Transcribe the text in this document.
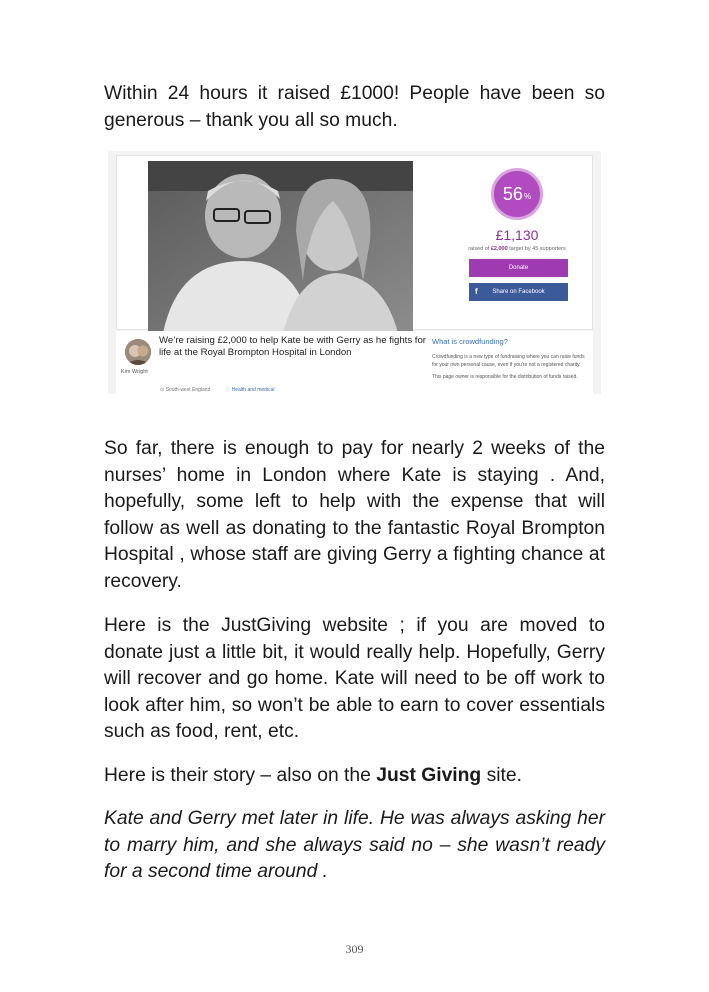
Within 24 hours it raised £1000! People have been so generous – thank you all so much.
56 %
£1,130
raised of £2,000 target by 45 supporters
Donate
f Share on Facebook
Kim Wright
We’re raising £2,000 to help Kate be with Gerry as he fights for life at the Royal Brompton Hospital in London
⊙ South-west England	♡ Health and medical
What is crowdfunding?
Crowdfunding is a new type of fundraising where you can raise funds for your own personal cause, even if you’re not a registered charity.
This page owner is responsible for the distribution of funds raised.
So far, there is enough to pay for nearly 2 weeks of the nurses’ home in London where Kate is staying . And, hopefully, some left to help with the expense that will follow as well as donating to the fantastic Royal Brompton Hospital , whose staff are giving Gerry a fighting chance at recovery.
Here is the JustGiving website ; if you are moved to donate just a little bit, it would really help. Hopefully, Gerry will recover and go home. Kate will need to be off work to look after him, so won’t be able to earn to cover essentials such as food, rent, etc.
Here is their story – also on the Just Giving site.
Kate and Gerry met later in life. He was always asking her to marry him, and she always said no – she wasn’t ready for a second time around .
309
